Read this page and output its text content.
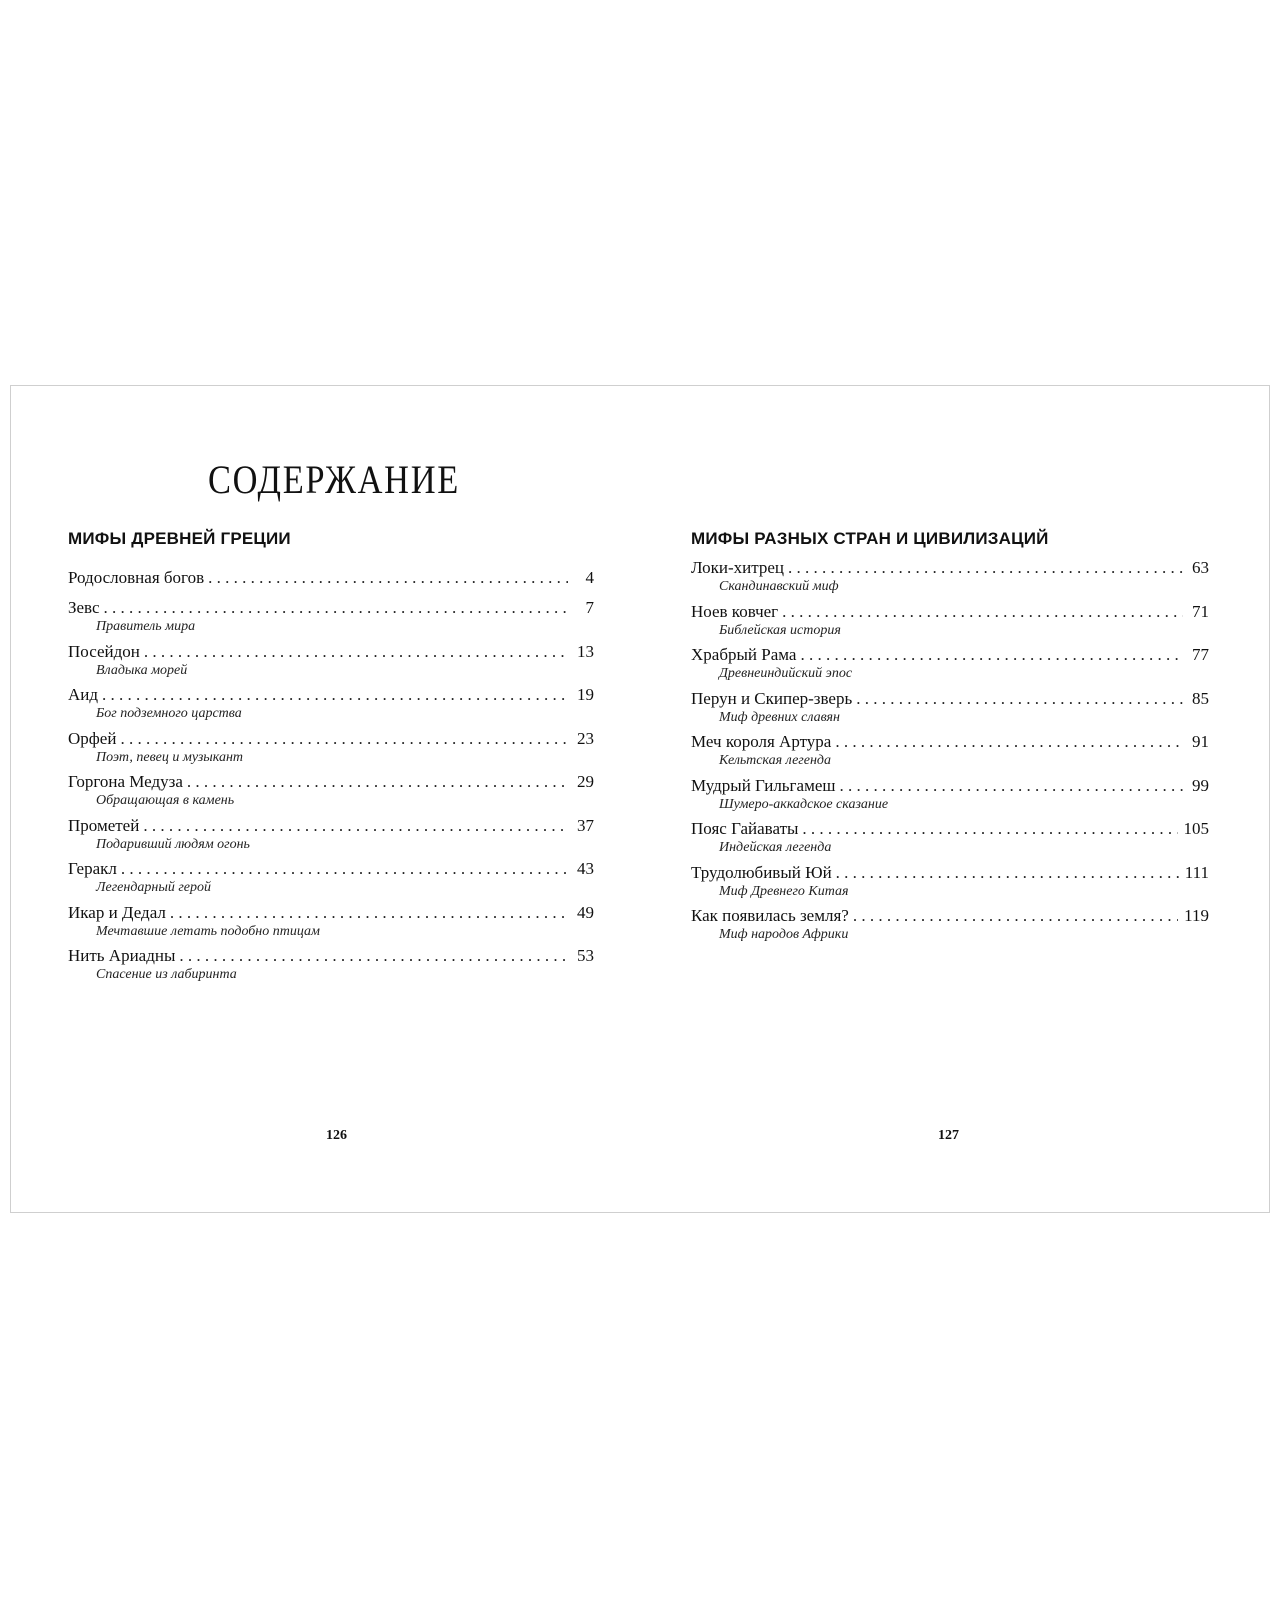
СОДЕРЖАНИЕ
МИФЫ ДРЕВНЕЙ ГРЕЦИИ
Родословная богов . . .	4
Зевс . . .	7
Правитель мира
Посейдон . . .	13
Владыка морей
Аид . . .	19
Бог подземного царства
Орфей . . .	23
Поэт, певец и музыкант
Горгона Медуза . . .	29
Обращающая в камень
Прометей . . .	37
Подаривший людям огонь
Геракл . . .	43
Легендарный герой
Икар и Дедал . . .	49
Мечтавшие летать подобно птицам
Нить Ариадны . . .	53
Спасение из лабиринта

126

МИФЫ РАЗНЫХ СТРАН И ЦИВИЛИЗАЦИЙ
Локи-хитрец . . .	63
Скандинавский миф
Ноев ковчег . . .	71
Библейская история
Храбрый Рама . . .	77
Древнеиндийский эпос
Перун и Скипер-зверь . . .	85
Миф древних славян
Меч короля Артура . . .	91
Кельтская легенда
Мудрый Гильгамеш . . .	99
Шумеро-аккадское сказание
Пояс Гайаваты . . .	105
Индейская легенда
Трудолюбивый Юй . . .	111
Миф Древнего Китая
Как появилась земля? . . .	119
Миф народов Африки

127
